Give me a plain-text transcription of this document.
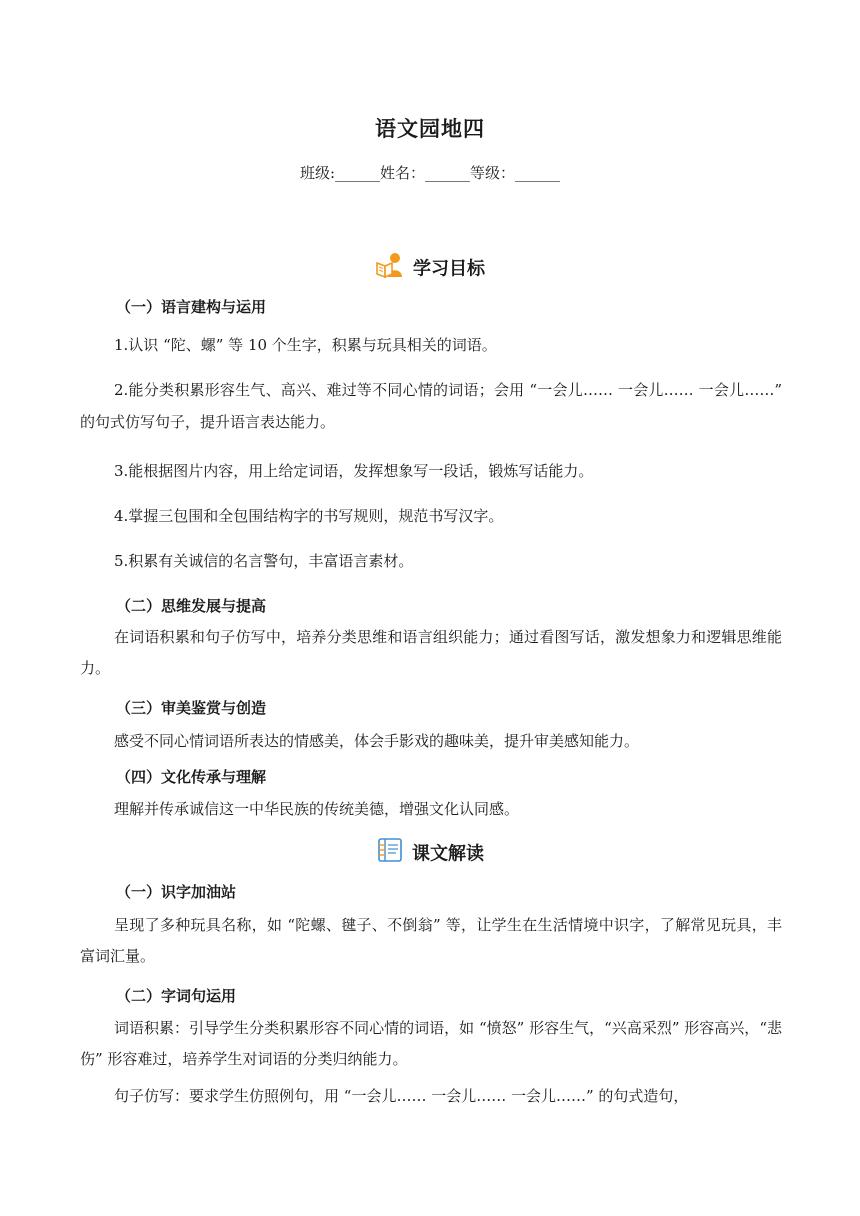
语文园地四
班级:______姓名：______等级：______
学习目标
（一）语言建构与运用

1.认识 “陀、螺” 等 10 个生字，积累与玩具相关的词语。

2.能分类积累形容生气、高兴、难过等不同心情的词语；会用 “一会儿…… 一会儿…… 一会儿……” 的句式仿写句子，提升语言表达能力。

3.能根据图片内容，用上给定词语，发挥想象写一段话，锻炼写话能力。

4.掌握三包围和全包围结构字的书写规则，规范书写汉字。

5.积累有关诚信的名言警句，丰富语言素材。

（二）思维发展与提高

在词语积累和句子仿写中，培养分类思维和语言组织能力；通过看图写话，激发想象力和逻辑思维能力。

（三）审美鉴赏与创造

感受不同心情词语所表达的情感美，体会手影戏的趣味美，提升审美感知能力。

（四）文化传承与理解

理解并传承诚信这一中华民族的传统美德，增强文化认同感。

课文解读
（一）识字加油站

呈现了多种玩具名称，如 “陀螺、毽子、不倒翁” 等，让学生在生活情境中识字，了解常见玩具，丰富词汇量。

（二）字词句运用

词语积累：引导学生分类积累形容不同心情的词语，如 “愤怒” 形容生气，“兴高采烈” 形容高兴，“悲伤” 形容难过，培养学生对词语的分类归纳能力。

句子仿写：要求学生仿照例句，用 “一会儿…… 一会儿…… 一会儿……” 的句式造句，
